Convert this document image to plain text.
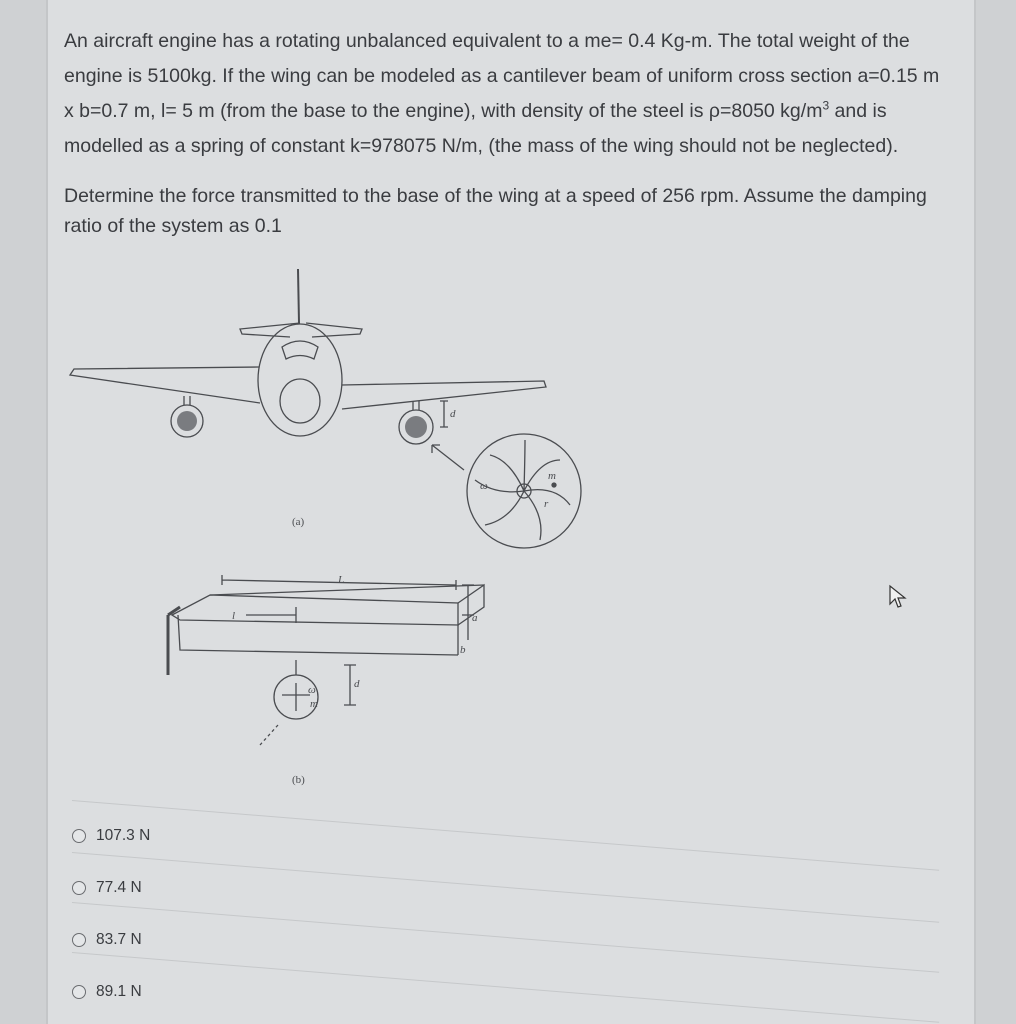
An aircraft engine has a rotating unbalanced equivalent to a me= 0.4 Kg-m. The total weight of the engine is 5100kg. If the wing can be modeled as a cantilever beam of uniform cross section a=0.15 m x b=0.7 m, l= 5 m (from the base to the engine), with density of the steel is ρ=8050 $kg/m^3$ and is modelled as a spring of constant k=978075 N/m, (the mass of the wing should not be neglected).

Determine the force transmitted to the base of the wing at a speed of 256 rpm. Assume the damping ratio of the system as 0.1

d
m
r
ω
L
l	a
b
d
ω
m
(a)
(b)
107.3 N
77.4 N
83.7 N
89.1 N
